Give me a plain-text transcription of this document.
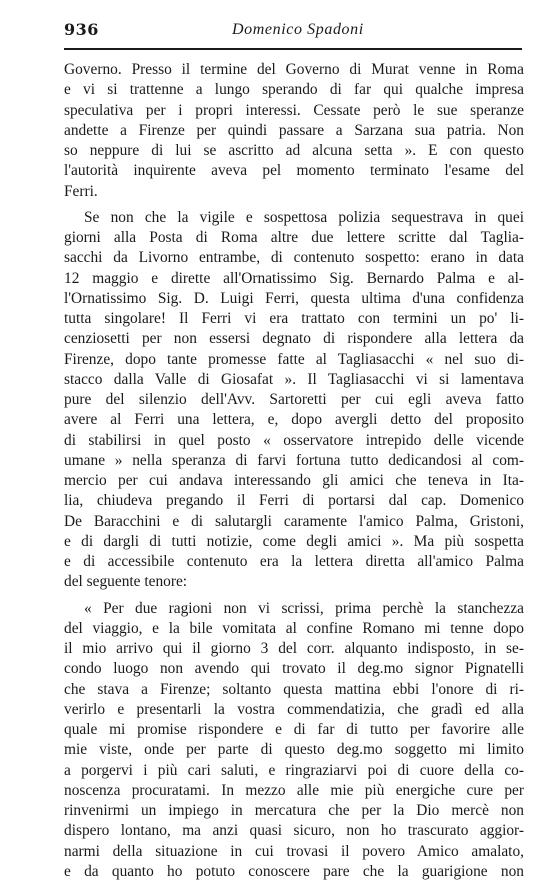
936	Domenico Spadoni
Governo. Presso il termine del Governo di Murat venne in Roma
e vi si trattenne a lungo sperando di far qui qualche impresa
speculativa per i propri interessi. Cessate però le sue speranze
andette a Firenze per quindi passare a Sarzana sua patria. Non
so neppure di lui se ascritto ad alcuna setta ». E con questo
l'autorità inquirente aveva pel momento terminato l'esame del
Ferri.
Se non che la vigile e sospettosa polizia sequestrava in quei
giorni alla Posta di Roma altre due lettere scritte dal Taglia-
sacchi da Livorno entrambe, di contenuto sospetto: erano in data
12 maggio e dirette all'Ornatissimo Sig. Bernardo Palma e al-
l'Ornatissimo Sig. D. Luigi Ferri, questa ultima d'una confidenza
tutta singolare! Il Ferri vi era trattato con termini un po' li-
cenziosetti per non essersi degnato di rispondere alla lettera da
Firenze, dopo tante promesse fatte al Tagliasacchi « nel suo di-
stacco dalla Valle di Giosafat ». Il Tagliasacchi vi si lamentava
pure del silenzio dell'Avv. Sartoretti per cui egli aveva fatto
avere al Ferri una lettera, e, dopo avergli detto del proposito
di stabilirsi in quel posto « osservatore intrepido delle vicende
umane » nella speranza di farvi fortuna tutto dedicandosi al com-
mercio per cui andava interessando gli amici che teneva in Ita-
lia, chiudeva pregando il Ferri di portarsi dal cap. Domenico
De Baracchini e di salutargli caramente l'amico Palma, Gristoni,
e di dargli di tutti notizie, come degli amici ». Ma più sospetta
e di accessibile contenuto era la lettera diretta all'amico Palma
del seguente tenore:
« Per due ragioni non vi scrissi, prima perchè la stanchezza
del viaggio, e la bile vomitata al confine Romano mi tenne dopo
il mio arrivo qui il giorno 3 del corr. alquanto indisposto, in se-
condo luogo non avendo qui trovato il deg.mo signor Pignatelli
che stava a Firenze; soltanto questa mattina ebbi l'onore di ri-
verirlo e presentarli la vostra commendatizia, che gradì ed alla
quale mi promise rispondere e di far di tutto per favorire alle
mie viste, onde per parte di questo deg.mo soggetto mi limito
a porgervi i più cari saluti, e ringraziarvi poi di cuore della co-
noscenza procuratami. In mezzo alle mie più energiche cure per
rinvenirmi un impiego in mercatura che per la Dio mercè non
dispero lontano, ma anzi quasi sicuro, non ho trascurato aggior-
narmi della situazione in cui trovasi il povero Amico amalato,
e da quanto ho potuto conoscere pare che la guarigione non
